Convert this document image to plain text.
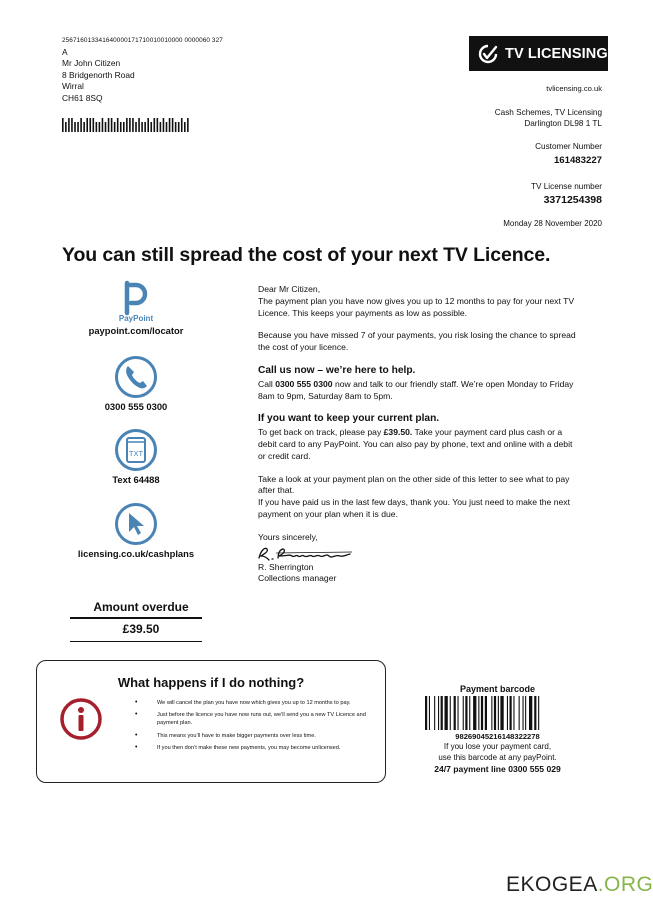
256716013341640000171710010010000 0000060 327
A
Mr John Citizen
8 Bridgenorth Road
Wirral
CH61 8SQ
TV LICENSING
tvlicensing.co.uk
Cash Schemes, TV Licensing
Darlington DL98 1 TL
Customer Number
161483227
TV License number
3371254398
Monday 28 November 2020
You can still spread the cost of your next TV Licence.
PayPoint
paypoint.com/locator
0300 555 0300
TXT
Text 64488
licensing.co.uk/cashplans

Dear Mr Citizen,
The payment plan you have now gives you up to 12 months to pay for your next TV Licence. This keeps your payments as low as possible.

Because you have missed 7 of your payments, you risk losing the chance to spread the cost of your licence.

Call us now – we’re here to help.

Call 0300 555 0300 now and talk to our friendly staff. We’re open Monday to Friday 8am to 9pm, Saturday 8am to 5pm.

If you want to keep your current plan.

To get back on track, please pay £39.50. Take your payment card plus cash or a debit card to any PayPoint. You can also pay by phone, text and online with a debit or credit card.

Take a look at your payment plan on the other side of this letter to see what to pay after that.
If you have paid us in the last few days, thank you. You just need to make the next payment on your plan when it is due.

Yours sincerely,
R. Sherrington
Collections manager
Amount overdue
£39.50
What happens if I do nothing?
• We will cancel the plan you have now which gives you up to 12 months to pay.
• Just before the licence you have now runs out, we’ll send you a new TV Licence and payment plan.
• This means you’ll have to make bigger payments over less time.
• If you then don’t make these new payments, you may become unlicensed.
Payment barcode
98269045216148322278
If you lose your payment card,
use this barcode at any payPoint.
24/7 payment line 0300 555 029
EKOGEA.ORG
